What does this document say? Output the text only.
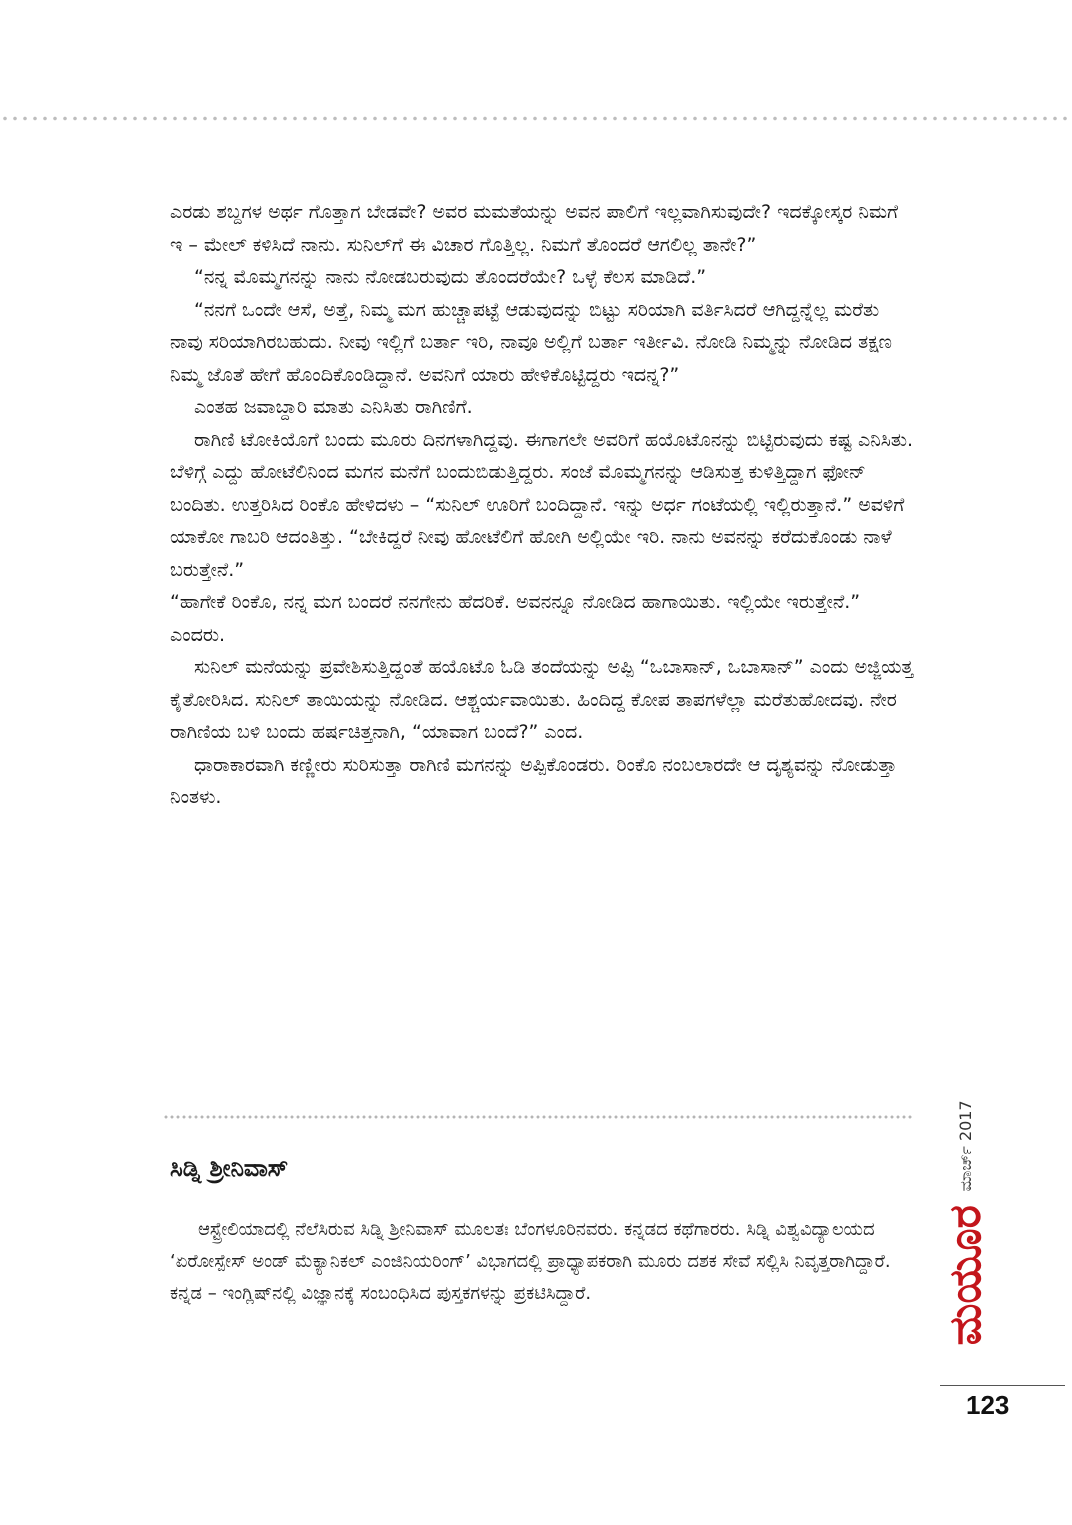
ಎರಡು ಶಬ್ದಗಳ ಅರ್ಥ ಗೊತ್ತಾಗ ಬೇಡವೇ? ಅವರ ಮಮತೆಯನ್ನು ಅವನ ಪಾಲಿಗೆ ಇಲ್ಲವಾಗಿಸುವುದೇ? ಇದಕ್ಕೋಸ್ಕರ ನಿಮಗೆ ಇ – ಮೇಲ್ ಕಳಿಸಿದೆ ನಾನು. ಸುನಿಲ್‌ಗೆ ಈ ವಿಚಾರ ಗೊತ್ತಿಲ್ಲ. ನಿಮಗೆ ತೊಂದರೆ ಆಗಲಿಲ್ಲ ತಾನೇ?”

“ನನ್ನ ಮೊಮ್ಮಗನನ್ನು ನಾನು ನೋಡಬರುವುದು ತೊಂದರೆಯೇ? ಒಳ್ಳೆ ಕೆಲಸ ಮಾಡಿದೆ.”

“ನನಗೆ ಒಂದೇ ಆಸೆ, ಅತ್ತೆ, ನಿಮ್ಮ ಮಗ ಹುಚ್ಚಾಪಟ್ಟೆ ಆಡುವುದನ್ನು ಬಿಟ್ಟು ಸರಿಯಾಗಿ ವರ್ತಿಸಿದರೆ ಆಗಿದ್ದನ್ನೆಲ್ಲ ಮರೆತು ನಾವು ಸರಿಯಾಗಿರಬಹುದು. ನೀವು ಇಲ್ಲಿಗೆ ಬರ್ತಾ ಇರಿ, ನಾವೂ ಅಲ್ಲಿಗೆ ಬರ್ತಾ ಇರ್ತೀವಿ. ನೋಡಿ ನಿಮ್ಮನ್ನು ನೋಡಿದ ತಕ್ಷಣ ನಿಮ್ಮ ಜೊತೆ ಹೇಗೆ ಹೊಂದಿಕೊಂಡಿದ್ದಾನೆ. ಅವನಿಗೆ ಯಾರು ಹೇಳಿಕೊಟ್ಟಿದ್ದರು ಇದನ್ನ?”

ಎಂತಹ ಜವಾಬ್ದಾರಿ ಮಾತು ಎನಿಸಿತು ರಾಗಿಣಿಗೆ.

ರಾಗಿಣಿ ಟೋಕಿಯೊಗೆ ಬಂದು ಮೂರು ದಿನಗಳಾಗಿದ್ದವು. ಈಗಾಗಲೇ ಅವರಿಗೆ ಹಯೊಟೊನನ್ನು ಬಿಟ್ಟಿರುವುದು ಕಷ್ಟ ಎನಿಸಿತು. ಬೆಳಿಗ್ಗೆ ಎದ್ದು ಹೋಟೆಲಿನಿಂದ ಮಗನ ಮನೆಗೆ ಬಂದುಬಿಡುತ್ತಿದ್ದರು. ಸಂಜೆ ಮೊಮ್ಮಗನನ್ನು ಆಡಿಸುತ್ತ ಕುಳಿತ್ತಿದ್ದಾಗ ಫೋನ್ ಬಂದಿತು. ಉತ್ತರಿಸಿದ ರಿಂಕೊ ಹೇಳಿದಳು – “ಸುನಿಲ್ ಊರಿಗೆ ಬಂದಿದ್ದಾನೆ. ಇನ್ನು ಅರ್ಧ ಗಂಟೆಯಲ್ಲಿ ಇಲ್ಲಿರುತ್ತಾನೆ.” ಅವಳಿಗೆ ಯಾಕೋ ಗಾಬರಿ ಆದಂತಿತ್ತು. “ಬೇಕಿದ್ದರೆ ನೀವು ಹೋಟೆಲಿಗೆ ಹೋಗಿ ಅಲ್ಲಿಯೇ ಇರಿ. ನಾನು ಅವನನ್ನು ಕರೆದುಕೊಂಡು ನಾಳೆ ಬರುತ್ತೇನೆ.”

“ಹಾಗೇಕೆ ರಿಂಕೊ, ನನ್ನ ಮಗ ಬಂದರೆ ನನಗೇನು ಹೆದರಿಕೆ. ಅವನನ್ನೂ ನೋಡಿದ ಹಾಗಾಯಿತು. ಇಲ್ಲಿಯೇ ಇರುತ್ತೇನೆ.” ಎಂದರು.

ಸುನಿಲ್ ಮನೆಯನ್ನು ಪ್ರವೇಶಿಸುತ್ತಿದ್ದಂತೆ ಹಯೊಟೊ ಓಡಿ ತಂದೆಯನ್ನು ಅಪ್ಪಿ “ಒಬಾಸಾನ್, ಒಬಾಸಾನ್” ಎಂದು ಅಜ್ಜಿಯತ್ತ ಕೈತೋರಿಸಿದ. ಸುನಿಲ್ ತಾಯಿಯನ್ನು ನೋಡಿದ. ಆಶ್ಚರ್ಯವಾಯಿತು. ಹಿಂದಿದ್ದ ಕೋಪ ತಾಪಗಳೆಲ್ಲಾ ಮರೆತುಹೋದವು. ನೇರ ರಾಗಿಣಿಯ ಬಳಿ ಬಂದು ಹರ್ಷಚಿತ್ತನಾಗಿ, “ಯಾವಾಗ ಬಂದೆ?” ಎಂದ.

ಧಾರಾಕಾರವಾಗಿ ಕಣ್ಣೀರು ಸುರಿಸುತ್ತಾ ರಾಗಿಣಿ ಮಗನನ್ನು ಅಪ್ಪಿಕೊಂಡರು. ರಿಂಕೊ ನಂಬಲಾರದೇ ಆ ದೃಶ್ಯವನ್ನು ನೋಡುತ್ತಾ ನಿಂತಳು.

ಸಿಡ್ನಿ ಶ್ರೀನಿವಾಸ್

ಆಸ್ಟ್ರೇಲಿಯಾದಲ್ಲಿ ನೆಲೆಸಿರುವ ಸಿಡ್ನಿ ಶ್ರೀನಿವಾಸ್ ಮೂಲತಃ ಬೆಂಗಳೂರಿನವರು. ಕನ್ನಡದ ಕಥೆಗಾರರು. ಸಿಡ್ನಿ ವಿಶ್ವವಿದ್ಯಾಲಯದ ‘ಏರೋಸ್ಪೇಸ್ ಅಂಡ್ ಮೆಕ್ಯಾನಿಕಲ್ ಎಂಜಿನಿಯರಿಂಗ್’ ವಿಭಾಗದಲ್ಲಿ ಪ್ರಾಧ್ಯಾಪಕರಾಗಿ ಮೂರು ದಶಕ ಸೇವೆ ಸಲ್ಲಿಸಿ ನಿವೃತ್ತರಾಗಿದ್ದಾರೆ. ಕನ್ನಡ – ಇಂಗ್ಲಿಷ್‌ನಲ್ಲಿ ವಿಜ್ಞಾನಕ್ಕೆ ಸಂಬಂಧಿಸಿದ ಪುಸ್ತಕಗಳನ್ನು ಪ್ರಕಟಿಸಿದ್ದಾರೆ.	ಮಯೂರ
ಮಾರ್ಚ್ 2017
123
